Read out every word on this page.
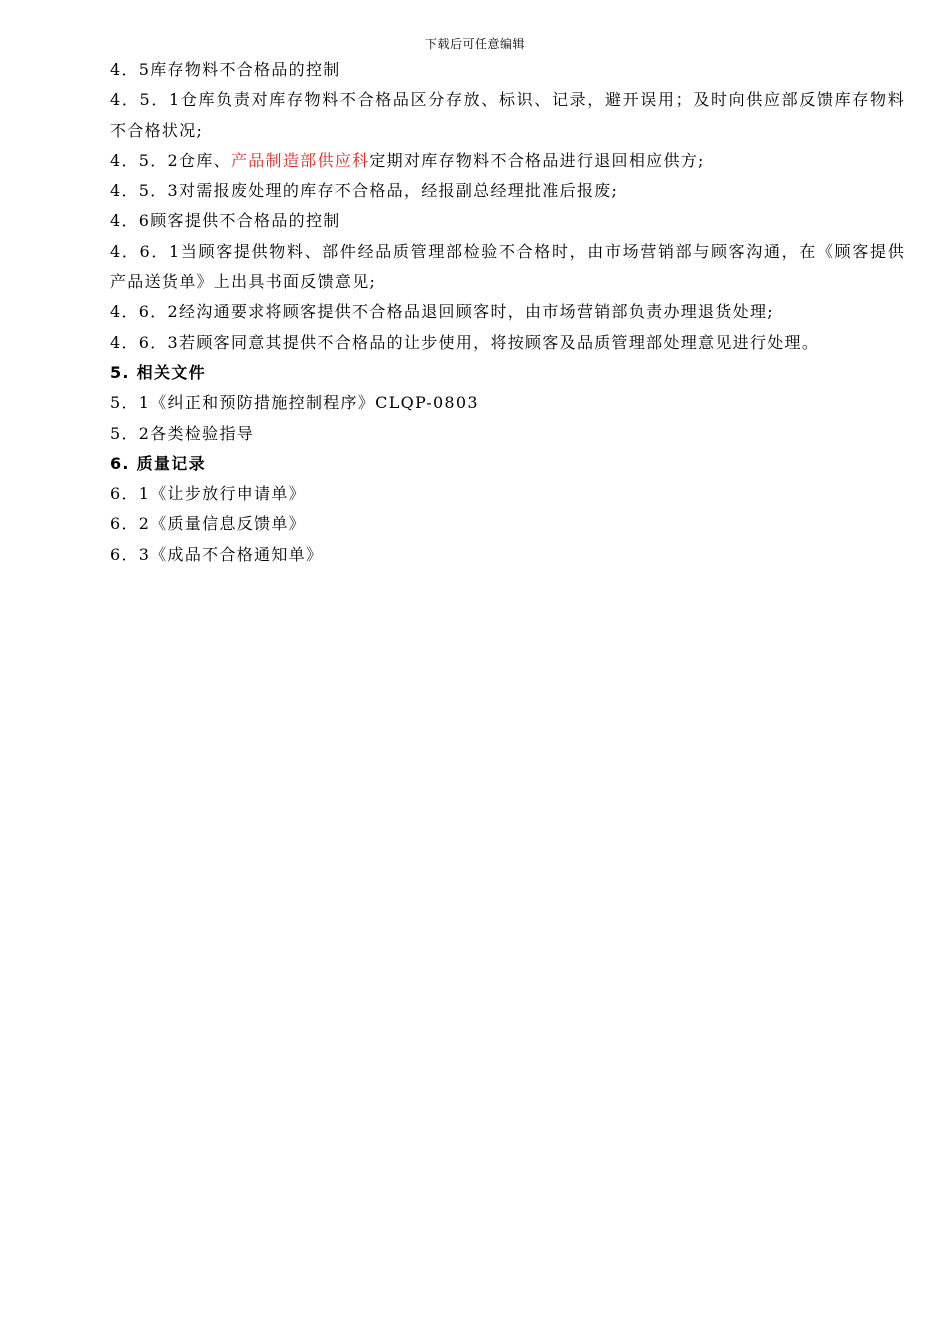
下载后可任意编辑
4．5库存物料不合格品的控制
4．5．1仓库负责对库存物料不合格品区分存放、标识、记录，避开误用；及时向供应部反馈库存物料不合格状况;
4．5．2仓库、产品制造部供应科定期对库存物料不合格品进行退回相应供方;
4．5．3对需报废处理的库存不合格品，经报副总经理批准后报废;
4．6顾客提供不合格品的控制
4．6．1当顾客提供物料、部件经品质管理部检验不合格时，由市场营销部与顾客沟通，在《顾客提供产品送货单》上出具书面反馈意见;
4．6．2经沟通要求将顾客提供不合格品退回顾客时，由市场营销部负责办理退货处理;
4．6．3若顾客同意其提供不合格品的让步使用，将按顾客及品质管理部处理意见进行处理。
5. 相关文件
5．1《纠正和预防措施控制程序》CLQP-0803
5．2各类检验指导
6. 质量记录
6．1《让步放行申请单》
6．2《质量信息反馈单》
6．3《成品不合格通知单》
